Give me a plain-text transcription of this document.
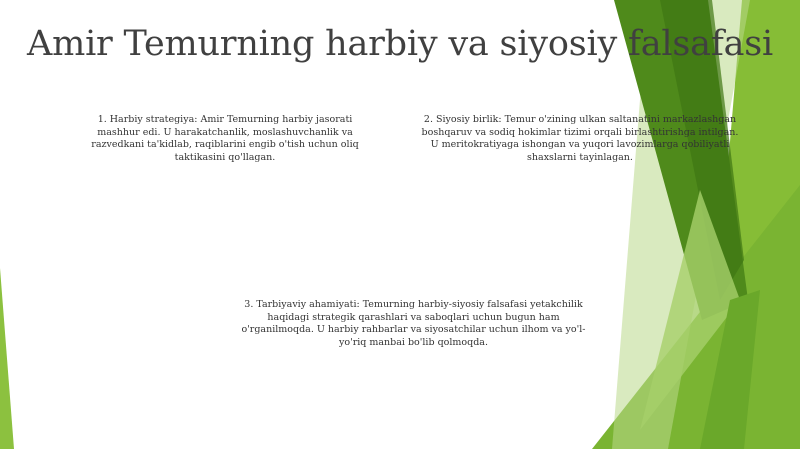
Amir Temurning harbiy va siyosiy falsafasi
1. Harbiy strategiya: Amir Temurning harbiy jasorati mashhur edi. U harakatchanlik, moslashuvchanlik va razvedkani ta'kidlab, raqiblarini engib o'tish uchun oliq taktikasini qo'llagan.
2. Siyosiy birlik: Temur o'zining ulkan saltanatini markazlashgan boshqaruv va sodiq hokimlar tizimi orqali birlashtirishga intilgan. U meritokratiyaga ishongan va yuqori lavozimlarga qobiliyatli shaxslarni tayinlagan.
3. Tarbiyaviy ahamiyati: Temurning harbiy-siyosiy falsafasi yetakchilik haqidagi strategik qarashlari va saboqlari uchun bugun ham o'rganilmoqda. U harbiy rahbarlar va siyosatchilar uchun ilhom va yo'l-yo'riq manbai bo'lib qolmoqda.
